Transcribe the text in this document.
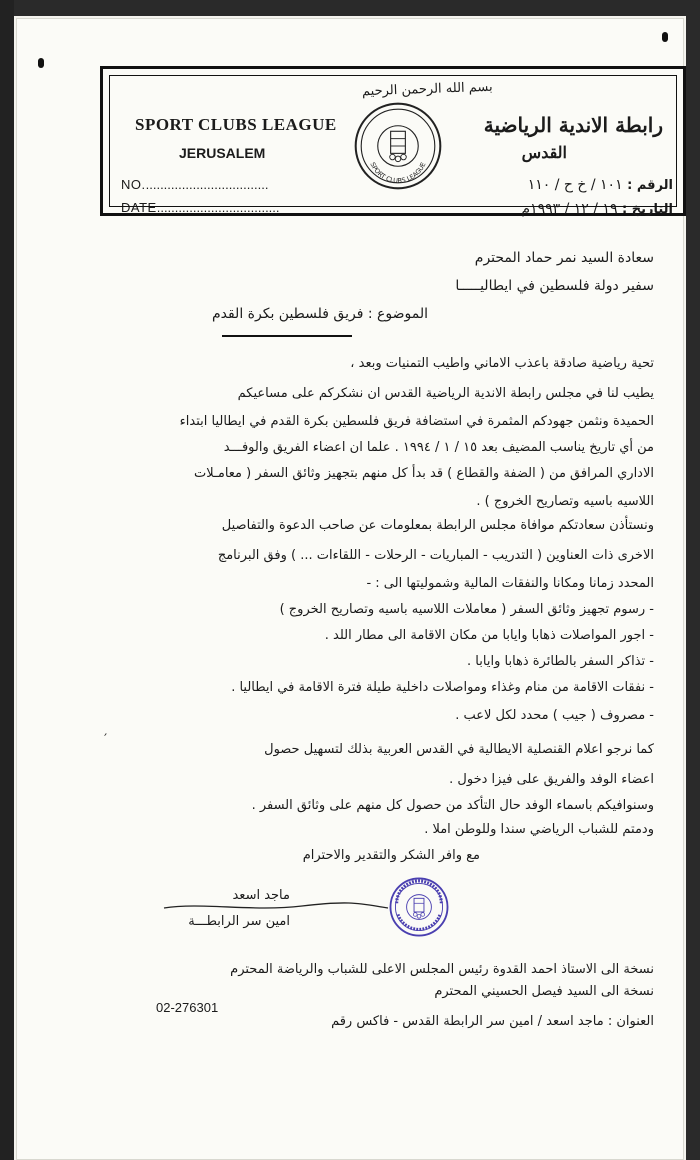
SPORT CLUBS LEAGUE
JERUSALEM
NO...................................
DATE..................................
رابطة الاندية الرياضية
القدس
الرقم : ١٠١ / خ ح / ١١٠
التاريخ : ١٩ / ١٢ / ١٩٩٣م
بسم الله الرحمن الرحيم
SPORT CLUBS LEAGUE
سعادة السيد نمر حماد المحترم
سفير دولة فلسطين في ايطاليـــــا
الموضوع : فريق فلسطين بكرة القدم
تحية رياضية صادقة باعذب الاماني واطيب التمنيات وبعد ،
يطيب لنا في مجلس رابطة الاندية الرياضية القدس ان نشكركم على مساعيكم
الحميدة ونثمن جهودكم المثمرة في استضافة فريق فلسطين بكرة القدم في ايطاليا ابتداء
من أي تاريخ يناسب المضيف بعد ١٥ / ١ / ١٩٩٤ . علما ان اعضاء الفريق والوفـــد
الاداري المرافق من ( الضفة والقطاع ) قد بدأ كل منهم بتجهيز وثائق السفر ( معامـلات
اللاسيه باسيه وتصاريح الخروج ) .
ونستأذن سعادتكم موافاة مجلس الرابطة بمعلومات عن صاحب الدعوة والتفاصيل
الاخرى ذات العناوين ( التدريب - المباريات - الرحلات - اللقاءات ... ) وفق البرنامج
المحدد زمانا ومكانا والنفقات المالية وشموليتها الى : -
- رسوم تجهيز وثائق السفر ( معاملات اللاسيه باسيه وتصاريح الخروج )
- اجور المواصلات ذهابا وايابا من مكان الاقامة الى مطار اللد .
- تذاكر السفر بالطائرة ذهابا وايابا .
- نفقات الاقامة من منام وغذاء ومواصلات داخلية طيلة فترة الاقامة في ايطاليا .
- مصروف ( جيب ) محدد لكل لاعب .
′
كما نرجو اعلام القنصلية الايطالية في القدس العربية بذلك لتسهيل حصول
اعضاء الوفد والفريق على فيزا دخول .
وسنوافيكم باسماء الوفد حال التأكد من حصول كل منهم على وثائق السفر .
ودمتم للشباب الرياضي سندا وللوطن املا .
مع وافر الشكر والتقدير والاحترام
ماجد اسعد
امين سر الرابطـــة
نسخة الى الاستاذ احمد القدوة رئيس المجلس الاعلى للشباب والرياضة المحترم
نسخة الى السيد فيصل الحسيني المحترم
02-276301
العنوان : ماجد اسعد / امين سر الرابطة القدس - فاكس رقم
